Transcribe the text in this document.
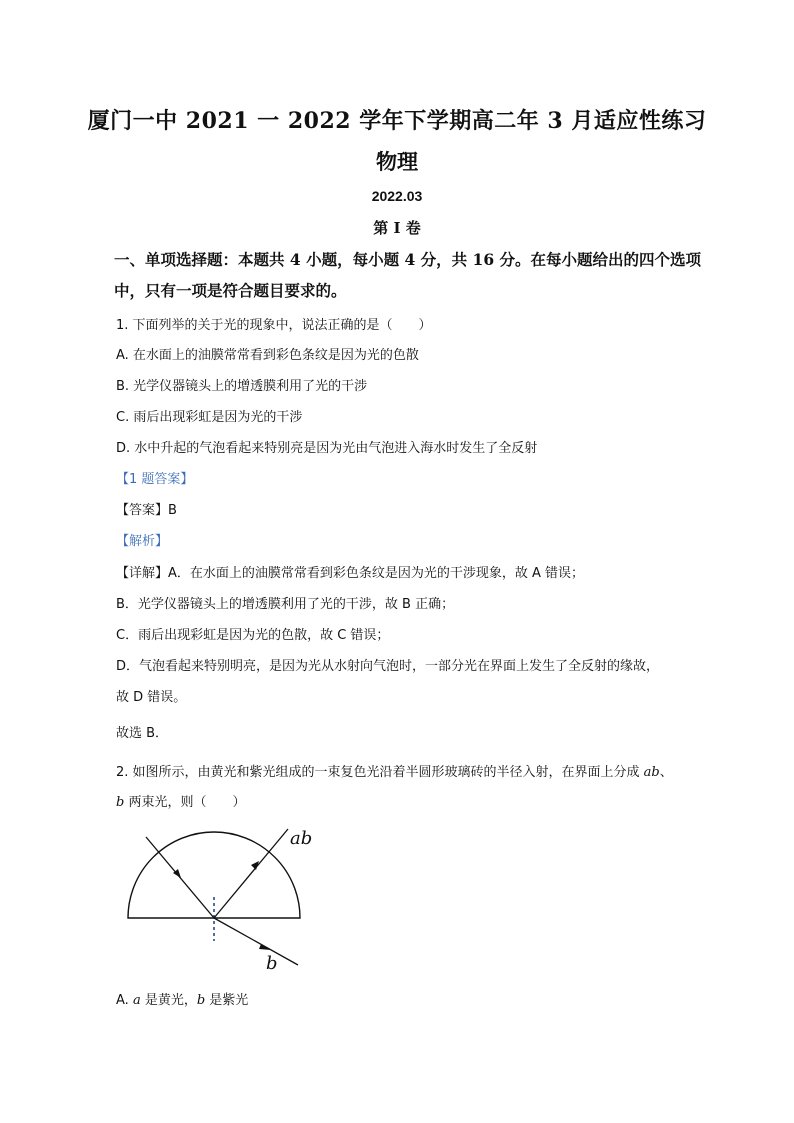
厦门一中 2021 一 2022 学年下学期高二年 3 月适应性练习
物理
2022.03
第 I 卷
一、单项选择题：本题共 4 小题，每小题 4 分，共 16 分。在每小题给出的四个选项
中，只有一项是符合题目要求的。
1. 下面列举的关于光的现象中，说法正确的是（　　）
A. 在水面上的油膜常常看到彩色条纹是因为光的色散
B. 光学仪器镜头上的增透膜利用了光的干涉
C. 雨后出现彩虹是因为光的干涉
D. 水中升起的气泡看起来特别亮是因为光由气泡进入海水时发生了全反射
【1 题答案】
【答案】B
【解析】
【详解】A．在水面上的油膜常常看到彩色条纹是因为光的干涉现象，故 A 错误；
B．光学仪器镜头上的增透膜利用了光的干涉，故 B 正确；
C．雨后出现彩虹是因为光的色散，故 C 错误；
D．气泡看起来特别明亮，是因为光从水射向气泡时，一部分光在界面上发生了全反射的缘故，
故 D 错误。
故选 B．
2. 如图所示，由黄光和紫光组成的一束复色光沿着半圆形玻璃砖的半径入射，在界面上分成 ab、
b 两束光，则（　　）
ab
b
A. a 是黄光，b 是紫光
